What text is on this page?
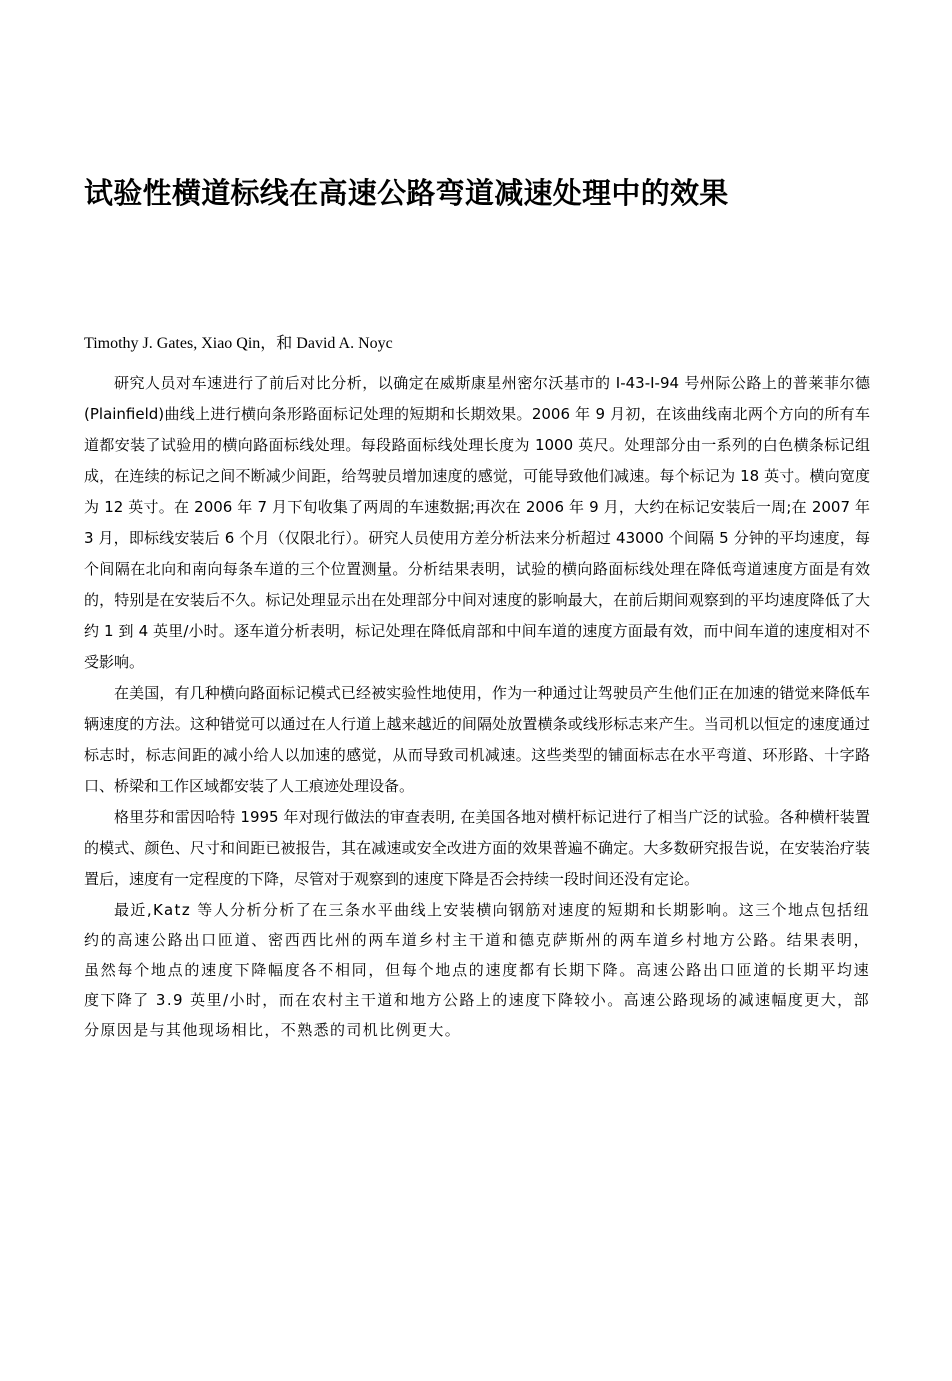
试验性横道标线在高速公路弯道减速处理中的效果

Timothy J. Gates, Xiao Qin，和 David A. Noyc

研究人员对车速进行了前后对比分析，以确定在威斯康星州密尔沃基市的 I-43-I-94 号州际公路上的普莱菲尔德(Plainfield)曲线上进行横向条形路面标记处理的短期和长期效果。2006 年 9 月初，在该曲线南北两个方向的所有车道都安装了试验用的横向路面标线处理。每段路面标线处理长度为 1000 英尺。处理部分由一系列的白色横条标记组成，在连续的标记之间不断减少间距，给驾驶员增加速度的感觉，可能导致他们减速。每个标记为 18 英寸。横向宽度为 12 英寸。在 2006 年 7 月下旬收集了两周的车速数据;再次在 2006 年 9 月，大约在标记安装后一周;在 2007 年 3 月，即标线安装后 6 个月（仅限北行）。研究人员使用方差分析法来分析超过 43000 个间隔 5 分钟的平均速度，每个间隔在北向和南向每条车道的三个位置测量。分析结果表明，试验的横向路面标线处理在降低弯道速度方面是有效的，特别是在安装后不久。标记处理显示出在处理部分中间对速度的影响最大，在前后期间观察到的平均速度降低了大约 1 到 4 英里/小时。逐车道分析表明，标记处理在降低肩部和中间车道的速度方面最有效，而中间车道的速度相对不受影响。

在美国，有几种横向路面标记模式已经被实验性地使用，作为一种通过让驾驶员产生他们正在加速的错觉来降低车辆速度的方法。这种错觉可以通过在人行道上越来越近的间隔处放置横条或线形标志来产生。当司机以恒定的速度通过标志时，标志间距的减小给人以加速的感觉，从而导致司机减速。这些类型的铺面标志在水平弯道、环形路、十字路口、桥梁和工作区域都安装了人工痕迹处理设备。

格里芬和雷因哈特 1995 年对现行做法的审查表明, 在美国各地对横杆标记进行了相当广泛的试验。各种横杆装置的模式、颜色、尺寸和间距已被报告，其在减速或安全改进方面的效果普遍不确定。大多数研究报告说，在安装治疗装置后，速度有一定程度的下降，尽管对于观察到的速度下降是否会持续一段时间还没有定论。

最近,Katz 等人分析分析了在三条水平曲线上安装横向钢筋对速度的短期和长期影响。这三个地点包括纽约的高速公路出口匝道、密西西比州的两车道乡村主干道和德克萨斯州的两车道乡村地方公路。结果表明，虽然每个地点的速度下降幅度各不相同，但每个地点的速度都有长期下降。高速公路出口匝道的长期平均速度下降了 3.9 英里/小时，而在农村主干道和地方公路上的速度下降较小。高速公路现场的减速幅度更大，部分原因是与其他现场相比，不熟悉的司机比例更大。
